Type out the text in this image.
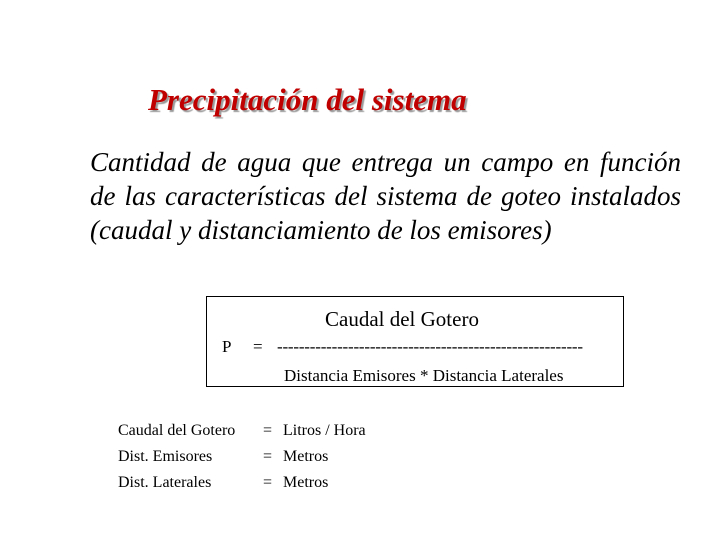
Precipitación del sistema

Cantidad de agua que entrega un campo en función de las características del sistema de goteo instalados (caudal y distanciamiento de los emisores)

Caudal del Gotero
P = --------------------------------------------------------
Distancia Emisores * Distancia Laterales
Caudal del Gotero = Litros / Hora
Dist. Emisores	= Metros
Dist. Laterales	= Metros
